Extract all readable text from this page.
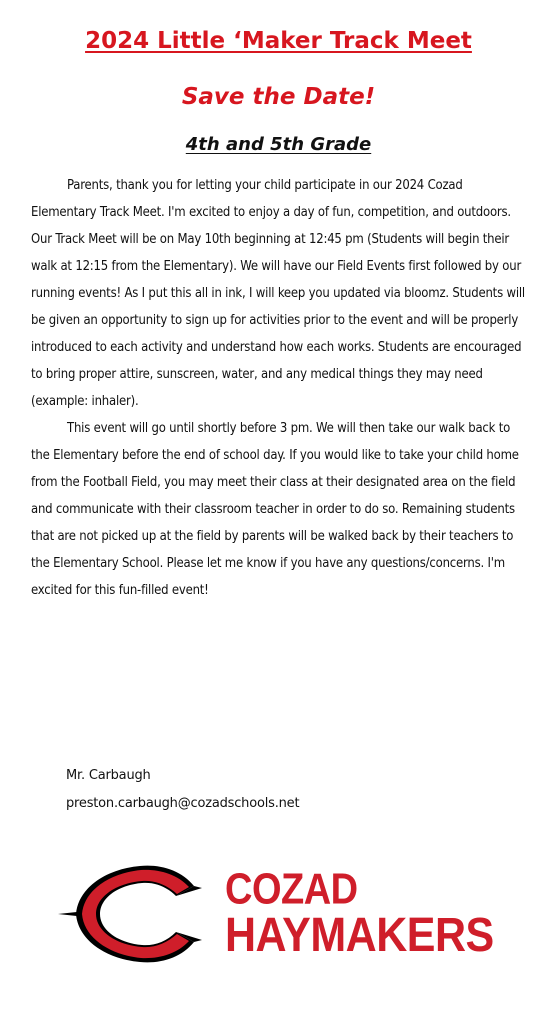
2024 Little ‘Maker Track Meet
Save the Date!
4th and 5th Grade

Parents, thank you for letting your child participate in our 2024 Cozad Elementary Track Meet. I'm excited to enjoy a day of fun, competition, and outdoors. Our Track Meet will be on May 10th beginning at 12:45 pm (Students will begin their walk at 12:15 from the Elementary). We will have our Field Events first followed by our running events! As I put this all in ink, I will keep you updated via bloomz. Students will be given an opportunity to sign up for activities prior to the event and will be properly introduced to each activity and understand how each works. Students are encouraged to bring proper attire, sunscreen, water, and any medical things they may need (example: inhaler).

This event will go until shortly before 3 pm. We will then take our walk back to the Elementary before the end of school day. If you would like to take your child home from the Football Field, you may meet their class at their designated area on the field and communicate with their classroom teacher in order to do so. Remaining students that are not picked up at the field by parents will be walked back by their teachers to the Elementary School. Please let me know if you have any questions/concerns. I'm excited for this fun-filled event!

Mr. Carbaugh
preston.carbaugh@cozadschools.net
COZAD
HAYMAKERS
